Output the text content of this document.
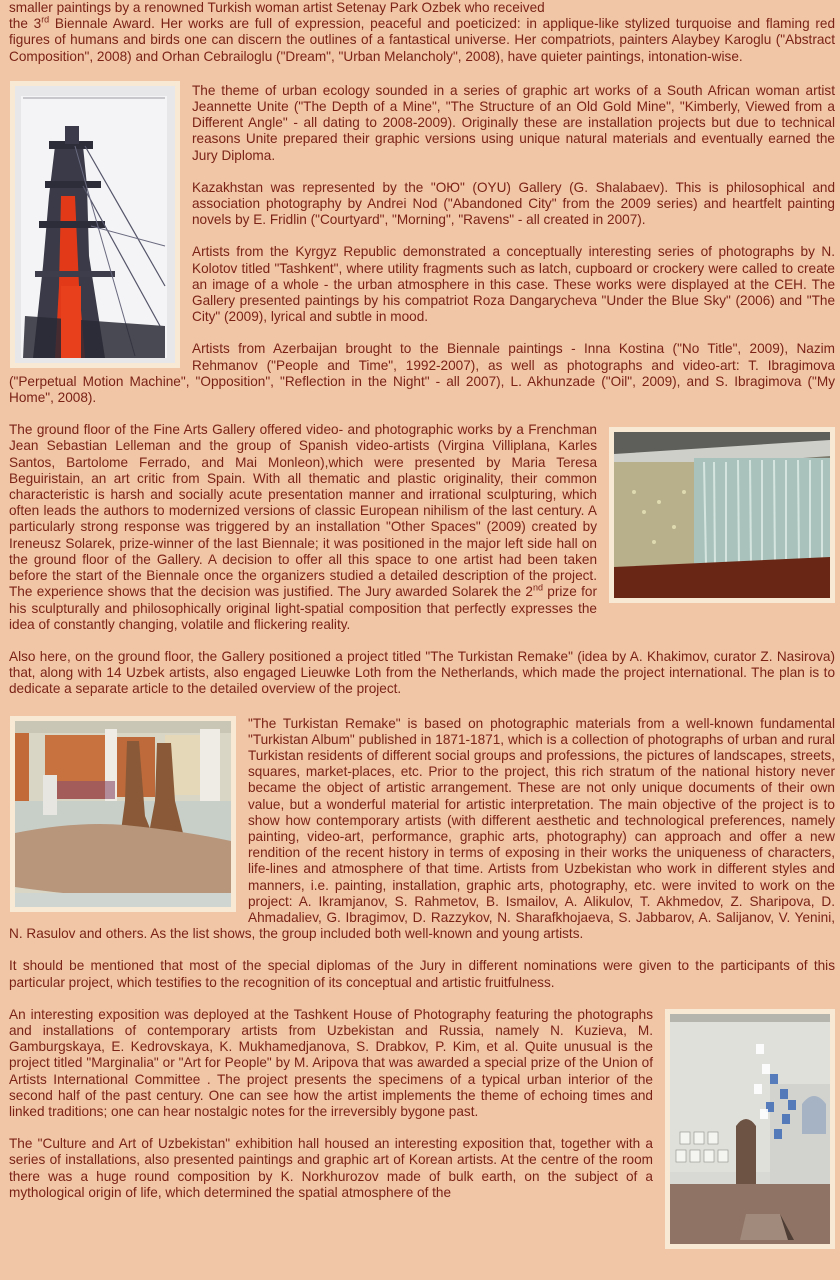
smaller paintings by a renowned Turkish woman artist Setenay Park Ozbek who received
the 3rd Biennale Award. Her works are full of expression, peaceful and poeticized: in applique-like stylized turquoise and flaming red figures of humans and birds one can discern the outlines of a fantastical universe. Her compatriots, painters Alaybey Karoglu ("Abstract Composition", 2008) and Orhan Cebrailoglu ("Dream", "Urban Melancholy", 2008), have quieter paintings, intonation-wise.

The theme of urban ecology sounded in a series of graphic art works of a South African woman artist Jeannette Unite ("The Depth of a Mine", "The Structure of an Old Gold Mine", "Kimberly, Viewed from a Different Angle" - all dating to 2008-2009). Originally these are installation projects but due to technical reasons Unite prepared their graphic versions using unique natural materials and eventually earned the Jury Diploma.

Kazakhstan was represented by the "ОЮ" (OYU) Gallery (G. Shalabaev). This is philosophical and association photography by Andrei Nod ("Abandoned City" from the 2009 series) and heartfelt painting novels by E. Fridlin ("Courtyard", "Morning", "Ravens" - all created in 2007).

Artists from the Kyrgyz Republic demonstrated a conceptually interesting series of photographs by N. Kolotov titled "Tashkent", where utility fragments such as latch, cupboard or crockery were called to create an image of a whole - the urban atmosphere in this case. These works were displayed at the CEH. The Gallery presented paintings by his compatriot Roza Dangarycheva "Under the Blue Sky" (2006) and "The City" (2009), lyrical and subtle in mood.

Artists from Azerbaijan brought to the Biennale paintings - Inna Kostina ("No Title", 2009), Nazim Rehmanov ("People and Time", 1992-2007), as well as photographs and video-art: T. Ibragimova ("Perpetual Motion Machine", "Opposition", "Reflection in the Night" - all 2007), L. Akhunzade ("Oil", 2009), and S. Ibragimova ("My Home", 2008).

The ground floor of the Fine Arts Gallery offered video- and photographic works by a Frenchman Jean Sebastian Lelleman and the group of Spanish video-artists (Virgina Villiplana, Karles Santos, Bartolome Ferrado, and Mai Monleon),which were presented by Maria Teresa Beguiristain, an art critic from Spain. With all thematic and plastic originality, their common characteristic is harsh and socially acute presentation manner and irrational sculpturing, which often leads the authors to modernized versions of classic European nihilism of the last century. A particularly strong response was triggered by an installation "Other Spaces" (2009) created by Ireneusz Solarek, prize-winner of the last Biennale; it was positioned in the major left side hall on the ground floor of the Gallery. A decision to offer all this space to one artist had been taken before the start of the Biennale once the organizers studied a detailed description of the project. The experience shows that the decision was justified. The Jury awarded Solarek the 2nd prize for his sculpturally and philosophically original light-spatial composition that perfectly expresses the idea of constantly changing, volatile and flickering reality.

Also here, on the ground floor, the Gallery positioned a project titled "The Turkistan Remake" (idea by A. Khakimov, curator Z. Nasirova) that, along with 14 Uzbek artists, also engaged Lieuwke Loth from the Netherlands, which made the project international. The plan is to dedicate a separate article to the detailed overview of the project.

"The Turkistan Remake" is based on photographic materials from a well-known fundamental "Turkistan Album" published in 1871-1871, which is a collection of photographs of urban and rural Turkistan residents of different social groups and professions, the pictures of landscapes, streets, squares, market-places, etc. Prior to the project, this rich stratum of the national history never became the object of artistic arrangement. These are not only unique documents of their own value, but a wonderful material for artistic interpretation. The main objective of the project is to show how contemporary artists (with different aesthetic and technological preferences, namely painting, video-art, performance, graphic arts, photography) can approach and offer a new rendition of the recent history in terms of exposing in their works the uniqueness of characters, life-lines and atmosphere of that time. Artists from Uzbekistan who work in different styles and manners, i.e. painting, installation, graphic arts, photography, etc. were invited to work on the project: A. Ikramjanov, S. Rahmetov, B. Ismailov, A. Alikulov, T. Akhmedov, Z. Sharipova, D. Ahmadaliev, G. Ibragimov, D. Razzykov, N. Sharafkhojaeva, S. Jabbarov, A. Salijanov, V. Yenini, N. Rasulov and others. As the list shows, the group included both well-known and young artists.

It should be mentioned that most of the special diplomas of the Jury in different nominations were given to the participants of this particular project, which testifies to the recognition of its conceptual and artistic fruitfulness.

An interesting exposition was deployed at the Tashkent House of Photography featuring the photographs and installations of contemporary artists from Uzbekistan and Russia, namely N. Kuzieva, M. Gamburgskaya, E. Kedrovskaya, K. Mukhamedjanova, S. Drabkov, P. Kim, et al. Quite unusual is the project titled "Marginalia" or "Art for People" by M. Aripova that was awarded a special prize of the Union of Artists International Committee . The project presents the specimens of a typical urban interior of the second half of the past century. One can see how the artist implements the theme of echoing times and linked traditions; one can hear nostalgic notes for the irreversibly bygone past.

The "Culture and Art of Uzbekistan" exhibition hall housed an interesting exposition that, together with a series of installations, also presented paintings and graphic art of Korean artists. At the centre of the room there was a huge round composition by K. Norkhurozov made of bulk earth, on the subject of a mythological origin of life, which determined the spatial atmosphere of the
